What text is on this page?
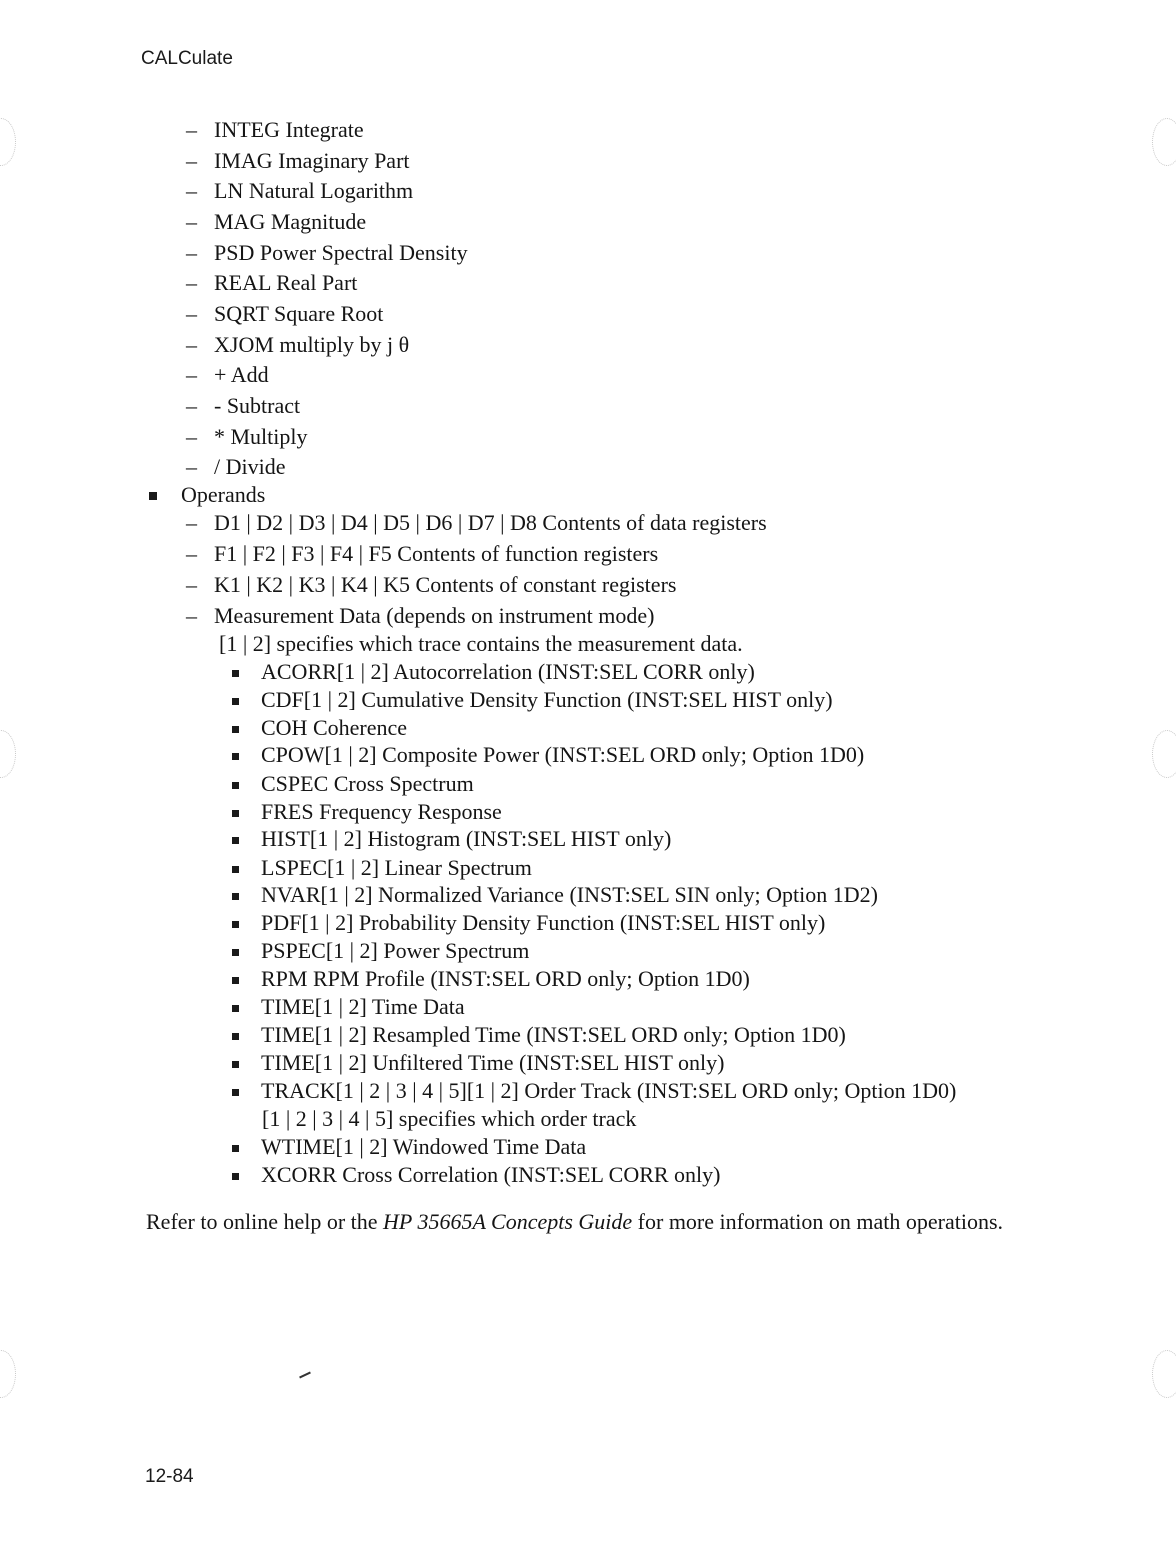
CALCulate
– INTEG Integrate
– IMAG Imaginary Part
– LN Natural Logarithm
– MAG Magnitude
– PSD Power Spectral Density
– REAL Real Part
– SQRT Square Root
– XJOM multiply by j θ
– + Add
– - Subtract
– * Multiply
– / Divide
Operands
– D1 | D2 | D3 | D4 | D5 | D6 | D7 | D8 Contents of data registers
– F1 | F2 | F3 | F4 | F5 Contents of function registers
– K1 | K2 | K3 | K4 | K5 Contents of constant registers
– Measurement Data (depends on instrument mode)
[1 | 2] specifies which trace contains the measurement data.
ACORR[1 | 2] Autocorrelation (INST:SEL CORR only)
CDF[1 | 2] Cumulative Density Function (INST:SEL HIST only)
COH Coherence
CPOW[1 | 2] Composite Power (INST:SEL ORD only; Option 1D0)
CSPEC Cross Spectrum
FRES Frequency Response
HIST[1 | 2] Histogram (INST:SEL HIST only)
LSPEC[1 | 2] Linear Spectrum
NVAR[1 | 2] Normalized Variance (INST:SEL SIN only; Option 1D2)
PDF[1 | 2] Probability Density Function (INST:SEL HIST only)
PSPEC[1 | 2] Power Spectrum
RPM RPM Profile (INST:SEL ORD only; Option 1D0)
TIME[1 | 2] Time Data
TIME[1 | 2] Resampled Time (INST:SEL ORD only; Option 1D0)
TIME[1 | 2] Unfiltered Time (INST:SEL HIST only)
TRACK[1 | 2 | 3 | 4 | 5][1 | 2] Order Track (INST:SEL ORD only; Option 1D0)
[1 | 2 | 3 | 4 | 5] specifies which order track
WTIME[1 | 2] Windowed Time Data
XCORR Cross Correlation (INST:SEL CORR only)
Refer to online help or the HP 35665A Concepts Guide for more information on math operations.
12-84
